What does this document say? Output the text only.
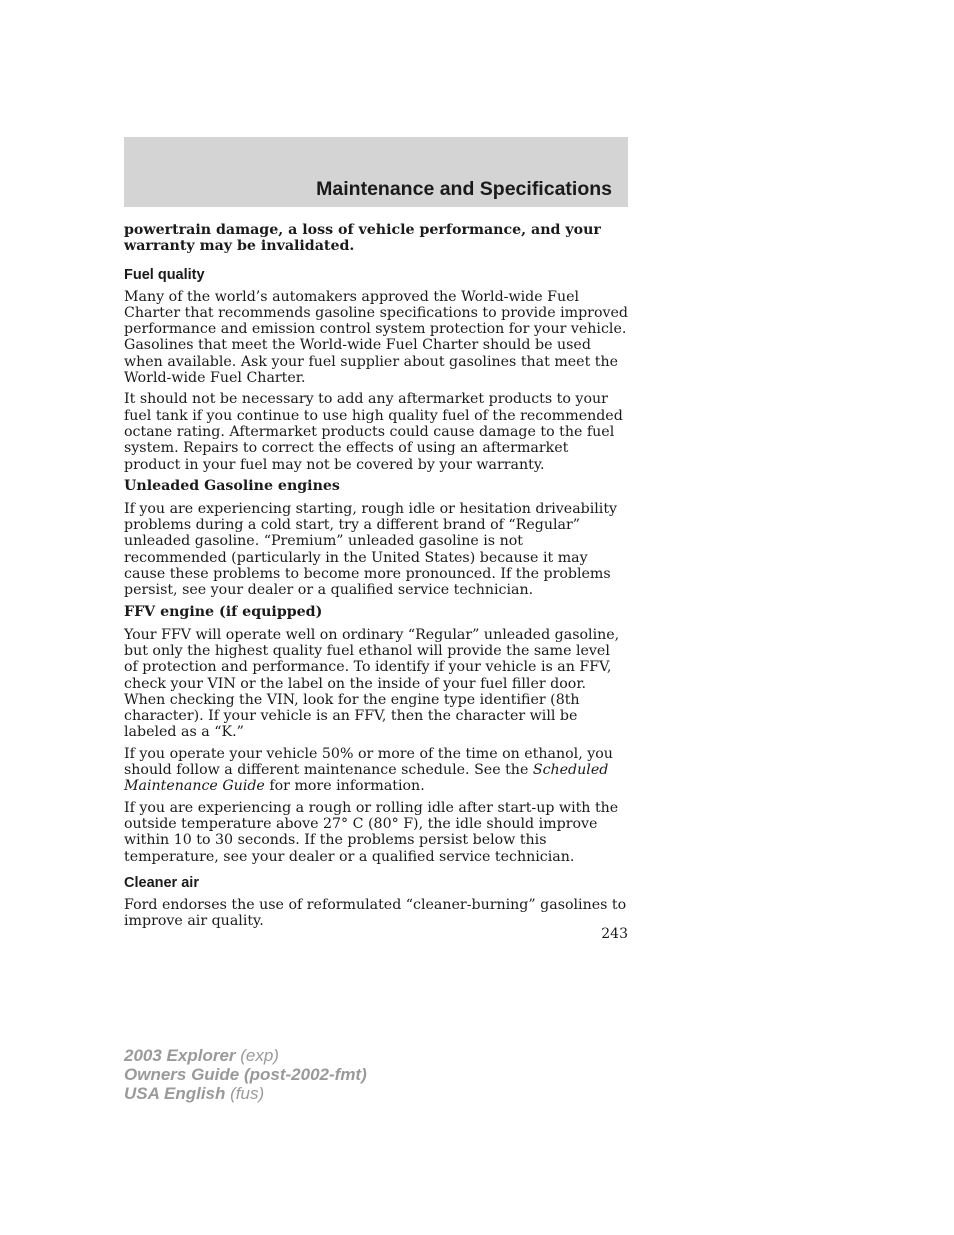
Maintenance and Specifications

powertrain damage, a loss of vehicle performance, and your warranty may be invalidated.

Fuel quality

Many of the world’s automakers approved the World-wide Fuel Charter that recommends gasoline specifications to provide improved performance and emission control system protection for your vehicle. Gasolines that meet the World-wide Fuel Charter should be used when available. Ask your fuel supplier about gasolines that meet the World-wide Fuel Charter.

It should not be necessary to add any aftermarket products to your fuel tank if you continue to use high quality fuel of the recommended octane rating. Aftermarket products could cause damage to the fuel system. Repairs to correct the effects of using an aftermarket product in your fuel may not be covered by your warranty.

Unleaded Gasoline engines

If you are experiencing starting, rough idle or hesitation driveability problems during a cold start, try a different brand of “Regular” unleaded gasoline. “Premium” unleaded gasoline is not recommended (particularly in the United States) because it may cause these problems to become more pronounced. If the problems persist, see your dealer or a qualified service technician.

FFV engine (if equipped)

Your FFV will operate well on ordinary “Regular” unleaded gasoline, but only the highest quality fuel ethanol will provide the same level of protection and performance. To identify if your vehicle is an FFV, check your VIN or the label on the inside of your fuel filler door. When checking the VIN, look for the engine type identifier (8th character). If your vehicle is an FFV, then the character will be labeled as a “K.”

If you operate your vehicle 50% or more of the time on ethanol, you should follow a different maintenance schedule. See the Scheduled Maintenance Guide for more information.

If you are experiencing a rough or rolling idle after start-up with the outside temperature above 27° C (80° F), the idle should improve within 10 to 30 seconds. If the problems persist below this temperature, see your dealer or a qualified service technician.

Cleaner air

Ford endorses the use of reformulated “cleaner-burning” gasolines to improve air quality.

243

2003 Explorer (exp)
Owners Guide (post-2002-fmt)
USA English (fus)
